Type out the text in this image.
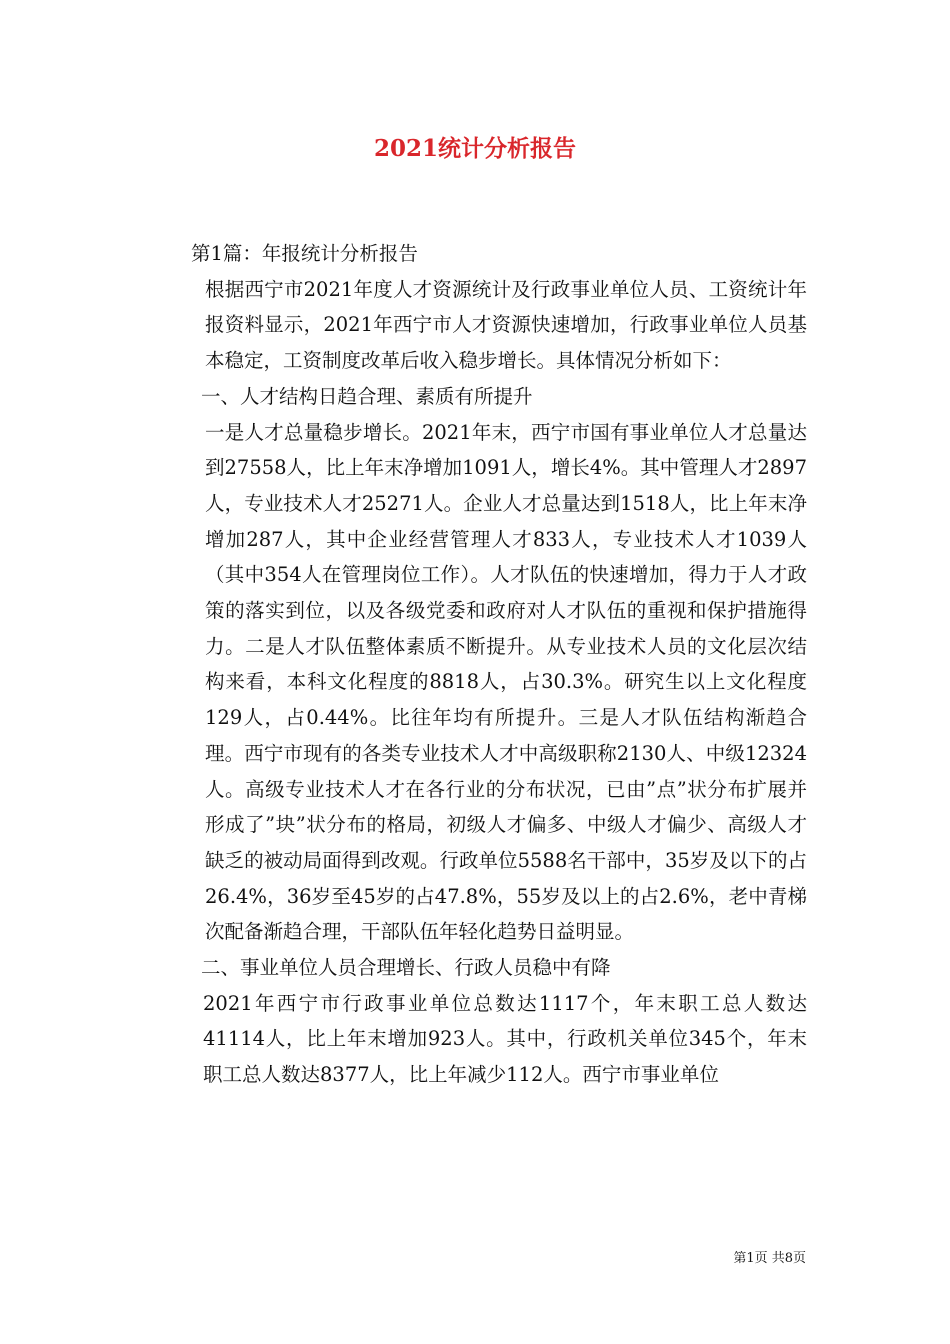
2021统计分析报告

第1篇：年报统计分析报告

根据西宁市2021年度人才资源统计及行政事业单位人员、工资统计年报资料显示，2021年西宁市人才资源快速增加，行政事业单位人员基本稳定，工资制度改革后收入稳步增长。具体情况分析如下：

一、人才结构日趋合理、素质有所提升

一是人才总量稳步增长。2021年末，西宁市国有事业单位人才总量达到27558人，比上年末净增加1091人，增长4%。其中管理人才2897人，专业技术人才25271人。企业人才总量达到1518人，比上年末净增加287人，其中企业经营管理人才833人，专业技术人才1039人（其中354人在管理岗位工作）。人才队伍的快速增加，得力于人才政策的落实到位，以及各级党委和政府对人才队伍的重视和保护措施得力。二是人才队伍整体素质不断提升。从专业技术人员的文化层次结构来看，本科文化程度的8818人，占30.3%。研究生以上文化程度129人，占0.44%。比往年均有所提升。三是人才队伍结构渐趋合理。西宁市现有的各类专业技术人才中高级职称2130人、中级12324人。高级专业技术人才在各行业的分布状况，已由”点”状分布扩展并形成了”块”状分布的格局，初级人才偏多、中级人才偏少、高级人才缺乏的被动局面得到改观。行政单位5588名干部中，35岁及以下的占26.4%，36岁至45岁的占47.8%，55岁及以上的占2.6%，老中青梯次配备渐趋合理，干部队伍年轻化趋势日益明显。

二、事业单位人员合理增长、行政人员稳中有降

2021年西宁市行政事业单位总数达1117个，年末职工总人数达41114人，比上年末增加923人。其中，行政机关单位345个，年末职工总人数达8377人，比上年减少112人。西宁市事业单位

第1页 共8页
